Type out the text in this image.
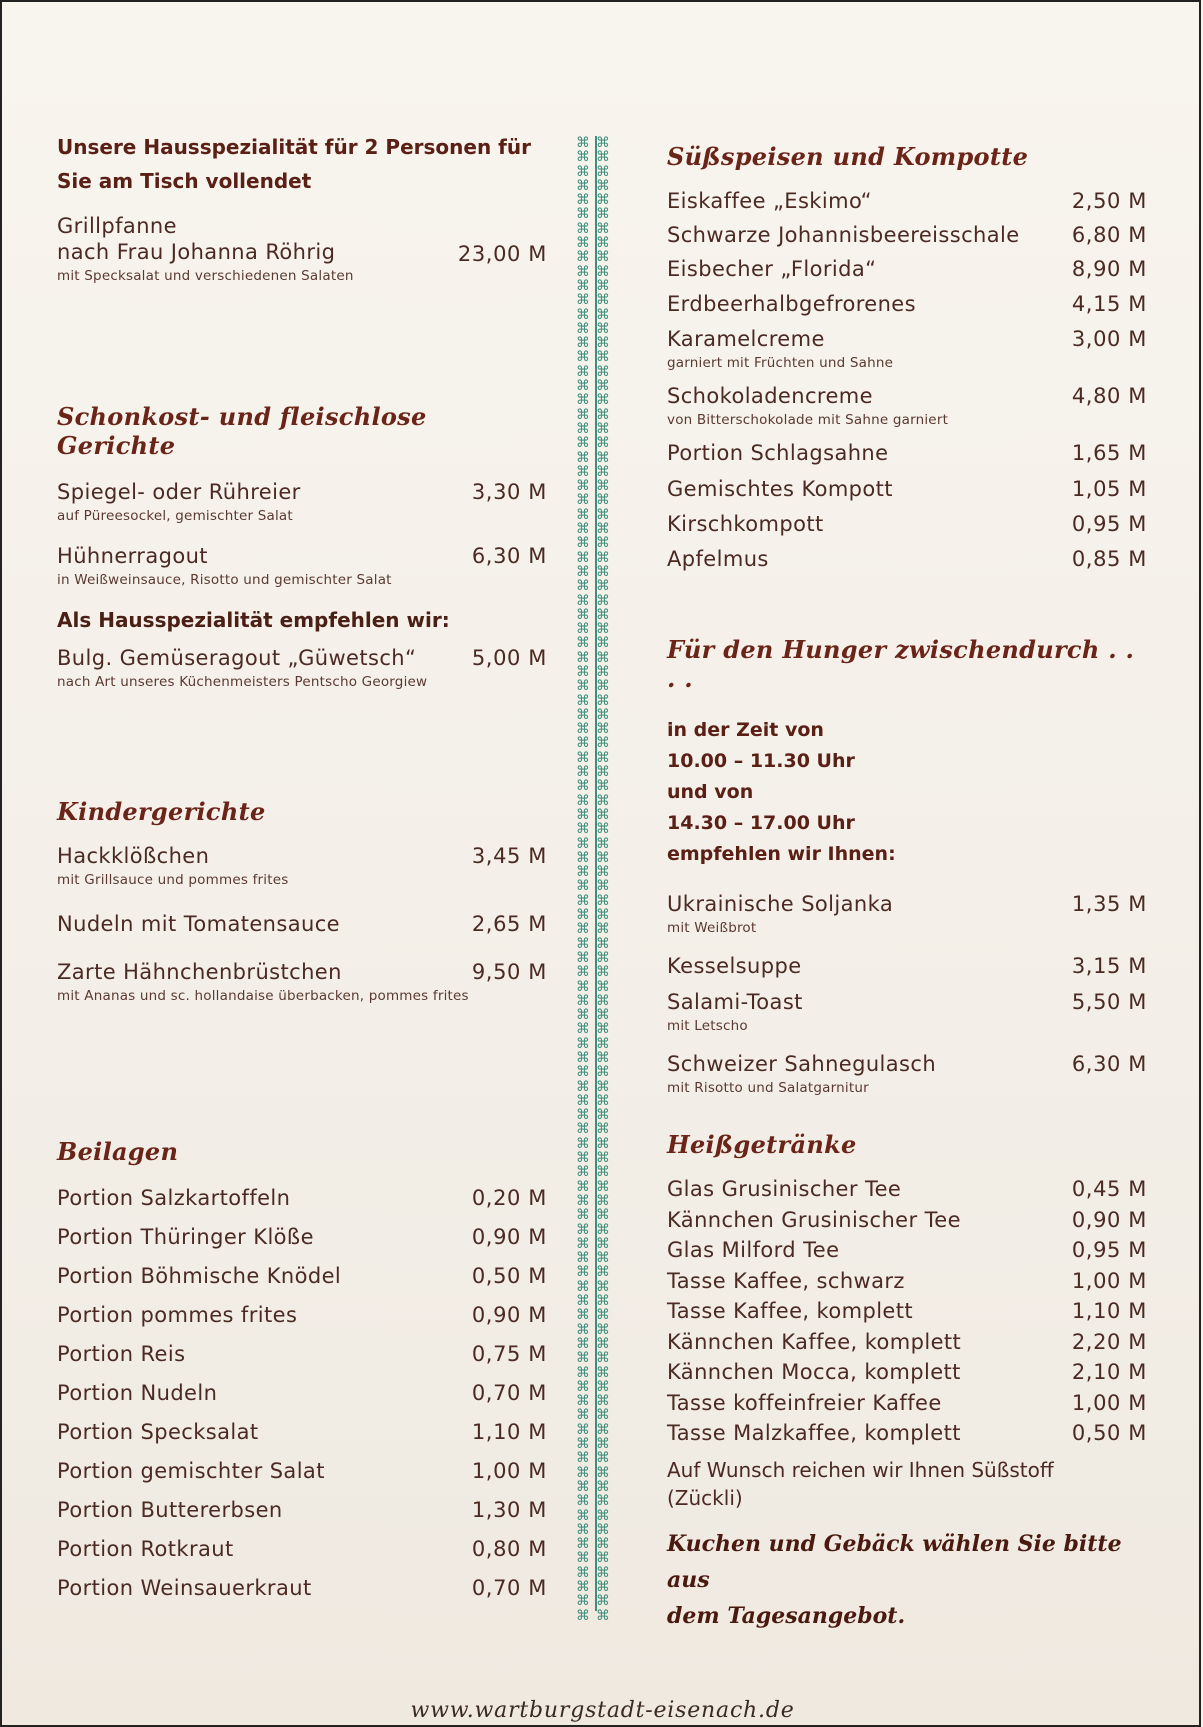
Unsere Hausspezialität für 2 Personen für
Sie am Tisch vollendet
Grillpfanne
nach Frau Johanna Röhrig	23,00 M
mit Specksalat und verschiedenen Salaten
Schonkost- und fleischlose Gerichte
Spiegel- oder Rühreier	3,30 M
auf Püreesockel, gemischter Salat
Hühnerragout	6,30 M
in Weißweinsauce, Risotto und gemischter Salat
Als Hausspezialität empfehlen wir:
Bulg. Gemüseragout „Güwetsch“	5,00 M
nach Art unseres Küchenmeisters Pentscho Georgiew
Kindergerichte
Hackklößchen	3,45 M
mit Grillsauce und pommes frites
Nudeln mit Tomatensauce	2,65 M
Zarte Hähnchenbrüstchen	9,50 M
mit Ananas und sc. hollandaise überbacken, pommes frites
Beilagen
Portion Salzkartoffeln	0,20 M
Portion Thüringer Klöße	0,90 M
Portion Böhmische Knödel	0,50 M
Portion pommes frites	0,90 M
Portion Reis	0,75 M
Portion Nudeln	0,70 M
Portion Specksalat	1,10 M
Portion gemischter Salat	1,00 M
Portion Buttererbsen	1,30 M
Portion Rotkraut	0,80 M
Portion Weinsauerkraut	0,70 M
⌘⌘
⌘⌘
⌘⌘
⌘⌘
⌘⌘
⌘⌘
⌘⌘
⌘⌘
⌘⌘
⌘⌘
⌘⌘
⌘⌘
⌘⌘
⌘⌘
⌘⌘
⌘⌘
⌘⌘
⌘⌘
⌘⌘
⌘⌘
⌘⌘
⌘⌘
⌘⌘
⌘⌘
⌘⌘
⌘⌘
⌘⌘
⌘⌘
⌘⌘
⌘⌘
⌘⌘
⌘⌘
⌘⌘
⌘⌘
⌘⌘
⌘⌘
⌘⌘
⌘⌘
⌘⌘
⌘⌘
⌘⌘
⌘⌘
⌘⌘
⌘⌘
⌘⌘
⌘⌘
⌘⌘
⌘⌘
⌘⌘
⌘⌘
⌘⌘
⌘⌘
⌘⌘
⌘⌘
⌘⌘
⌘⌘
⌘⌘
⌘⌘
⌘⌘
⌘⌘
⌘⌘
⌘⌘
⌘⌘
⌘⌘
⌘⌘
⌘⌘
⌘⌘
⌘⌘
⌘⌘
⌘⌘
⌘⌘
⌘⌘
⌘⌘
⌘⌘
⌘⌘
⌘⌘
⌘⌘
⌘⌘
⌘⌘
⌘⌘
⌘⌘
⌘⌘
⌘⌘
⌘⌘
⌘⌘
⌘⌘
⌘⌘
⌘⌘
⌘⌘
⌘⌘
⌘⌘
⌘⌘
⌘⌘
⌘⌘
⌘⌘
⌘⌘
⌘⌘
⌘⌘
⌘⌘
⌘⌘
⌘⌘
⌘⌘
⌘⌘
⌘⌘

Süßspeisen und Kompotte
Eiskaffee „Eskimo“	2,50 M
Schwarze Johannisbeereisschale	6,80 M
Eisbecher „Florida“	8,90 M
Erdbeerhalbgefrorenes	4,15 M
Karamelcreme	3,00 M
garniert mit Früchten und Sahne
Schokoladencreme	4,80 M
von Bitterschokolade mit Sahne garniert
Portion Schlagsahne	1,65 M
Gemischtes Kompott	1,05 M
Kirschkompott	0,95 M
Apfelmus	0,85 M
Für den Hunger zwischendurch . . . .
in der Zeit von
10.00 – 11.30 Uhr
und von
14.30 – 17.00 Uhr
empfehlen wir Ihnen:
Ukrainische Soljanka	1,35 M
mit Weißbrot
Kesselsuppe	3,15 M
Salami-Toast	5,50 M
mit Letscho
Schweizer Sahnegulasch	6,30 M
mit Risotto und Salatgarnitur
Heißgetränke
Glas Grusinischer Tee	0,45 M
Kännchen Grusinischer Tee	0,90 M
Glas Milford Tee	0,95 M
Tasse Kaffee, schwarz	1,00 M
Tasse Kaffee, komplett	1,10 M
Kännchen Kaffee, komplett	2,20 M
Kännchen Mocca, komplett	2,10 M
Tasse koffeinfreier Kaffee	1,00 M
Tasse Malzkaffee, komplett	0,50 M
Auf Wunsch reichen wir Ihnen Süßstoff
(Zückli)
Kuchen und Gebäck wählen Sie bitte aus
dem Tagesangebot.
www.wartburgstadt-eisenach.de
